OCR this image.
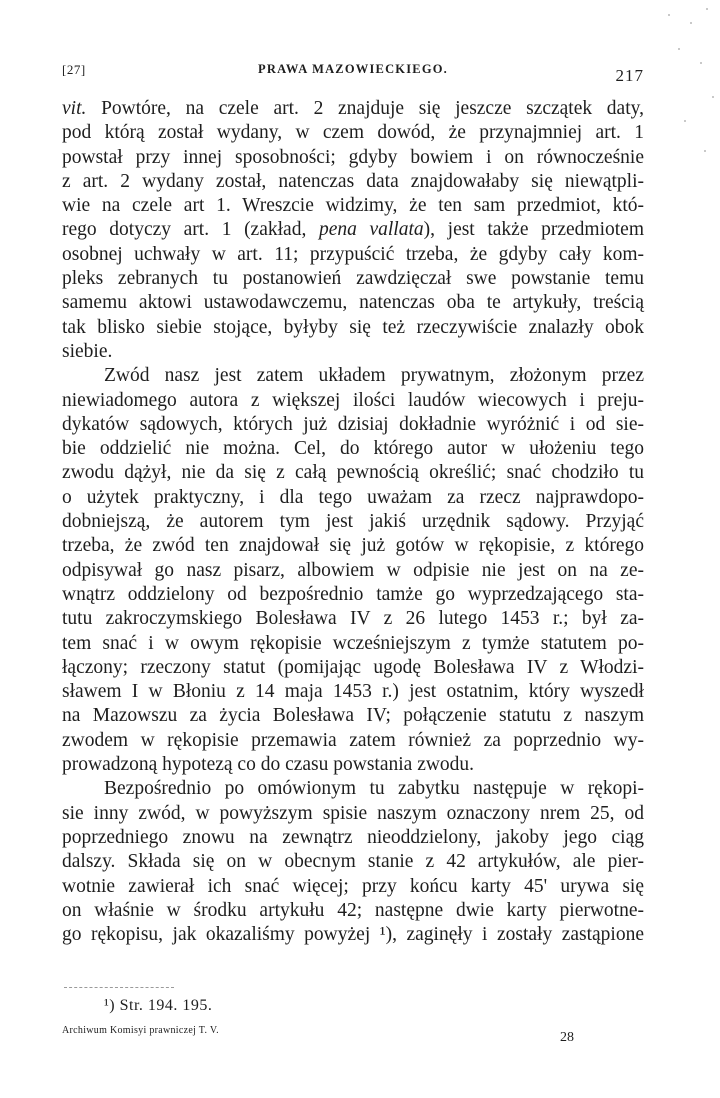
[27]	PRAWA MAZOWIECKIEGO.	217
vit. Powtóre, na czele art. 2 znajduje się jeszcze szczątek daty,
pod którą został wydany, w czem dowód, że przynajmniej art. 1
powstał przy innej sposobności; gdyby bowiem i on równocześnie
z art. 2 wydany został, natenczas data znajdowałaby się niewątpli-
wie na czele art 1. Wreszcie widzimy, że ten sam przedmiot, któ-
rego dotyczy art. 1 (zakład, pena vallata), jest także przedmiotem
osobnej uchwały w art. 11; przypuścić trzeba, że gdyby cały kom-
pleks zebranych tu postanowień zawdzięczał swe powstanie temu
samemu aktowi ustawodawczemu, natenczas oba te artykuły, treścią
tak blisko siebie stojące, byłyby się też rzeczywiście znalazły obok
siebie.
Zwód nasz jest zatem układem prywatnym, złożonym przez
niewiadomego autora z większej ilości laudów wiecowych i preju-
dykatów sądowych, których już dzisiaj dokładnie wyróżnić i od sie-
bie oddzielić nie można. Cel, do którego autor w ułożeniu tego
zwodu dążył, nie da się z całą pewnością określić; snać chodziło tu
o użytek praktyczny, i dla tego uważam za rzecz najprawdopo-
dobniejszą, że autorem tym jest jakiś urzędnik sądowy. Przyjąć
trzeba, że zwód ten znajdował się już gotów w rękopisie, z którego
odpisywał go nasz pisarz, albowiem w odpisie nie jest on na ze-
wnątrz oddzielony od bezpośrednio tamże go wyprzedzającego sta-
tutu zakroczymskiego Bolesława IV z 26 lutego 1453 r.; był za-
tem snać i w owym rękopisie wcześniejszym z tymże statutem po-
łączony; rzeczony statut (pomijając ugodę Bolesława IV z Włodzi-
sławem I w Błoniu z 14 maja 1453 r.) jest ostatnim, który wyszedł
na Mazowszu za życia Bolesława IV; połączenie statutu z naszym
zwodem w rękopisie przemawia zatem również za poprzednio wy-
prowadzoną hypotezą co do czasu powstania zwodu.
Bezpośrednio po omówionym tu zabytku następuje w rękopi-
sie inny zwód, w powyższym spisie naszym oznaczony nrem 25, od
poprzedniego znowu na zewnątrz nieoddzielony, jakoby jego ciąg
dalszy. Składa się on w obecnym stanie z 42 artykułów, ale pier-
wotnie zawierał ich snać więcej; przy końcu karty 45' urywa się
on właśnie w środku artykułu 42; następne dwie karty pierwotne-
go rękopisu, jak okazaliśmy powyżej ¹), zaginęły i zostały zastąpione
¹) Str. 194. 195.
Archiwum Komisyi prawniczej T. V.	28
